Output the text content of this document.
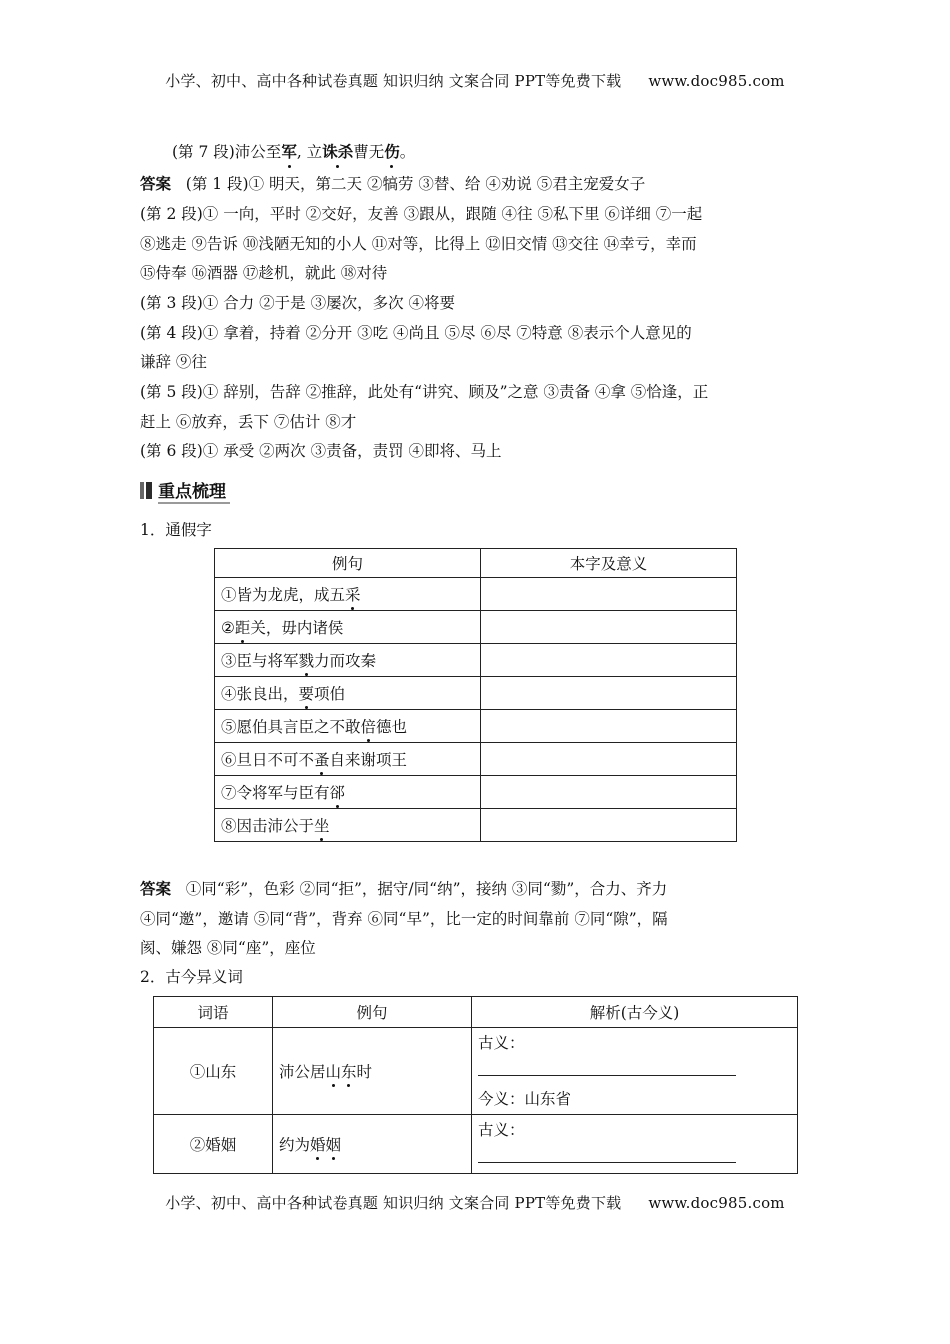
小学、初中、高中各种试卷真题 知识归纳 文案合同 PPT等免费下载 www.doc985.com
(第 7 段)沛公至军, 立诛杀曹无伤。
答案 (第 1 段)① 明天，第二天 ②犒劳 ③替、给 ④劝说 ⑤君主宠爱女子
(第 2 段)① 一向，平时 ②交好，友善 ③跟从，跟随 ④往 ⑤私下里 ⑥详细 ⑦一起
⑧逃走 ⑨告诉 ⑩浅陋无知的小人 ⑪对等，比得上 ⑫旧交情 ⑬交往 ⑭幸亏，幸而
⑮侍奉 ⑯酒器 ⑰趁机，就此 ⑱对待
(第 3 段)① 合力 ②于是 ③屡次，多次 ④将要
(第 4 段)① 拿着，持着 ②分开 ③吃 ④尚且 ⑤尽 ⑥尽 ⑦特意 ⑧表示个人意见的
谦辞 ⑨往
(第 5 段)① 辞别，告辞 ②推辞，此处有“讲究、顾及”之意 ③责备 ④拿 ⑤恰逢，正
赶上 ⑥放弃，丢下 ⑦估计 ⑧才
(第 6 段)① 承受 ②两次 ③责备，责罚 ④即将、马上
重点梳理
1．通假字
答案 ①同“彩”，色彩 ②同“拒”，据守/同“纳”，接纳 ③同“勠”，合力、齐力
④同“邀”，邀请 ⑤同“背”，背弃 ⑥同“早”，比一定的时间靠前 ⑦同“隙”，隔
阂、嫌怨 ⑧同“座”，座位
2．古今异义词
例句	本字及意义
①皆为龙虎，成五采	
②距关，毋内诸侯	
③臣与将军戮力而攻秦	
④张良出，要项伯	
⑤愿伯具言臣之不敢倍德也	
⑥旦日不可不蚤自来谢项王	
⑦令将军与臣有郤	
⑧因击沛公于坐	
词语	例句	解析(古今义)
①山东	沛公居山东时	古义：
今义：山东省

②婚姻	约为婚姻	古义：
小学、初中、高中各种试卷真题 知识归纳 文案合同 PPT等免费下载 www.doc985.com
